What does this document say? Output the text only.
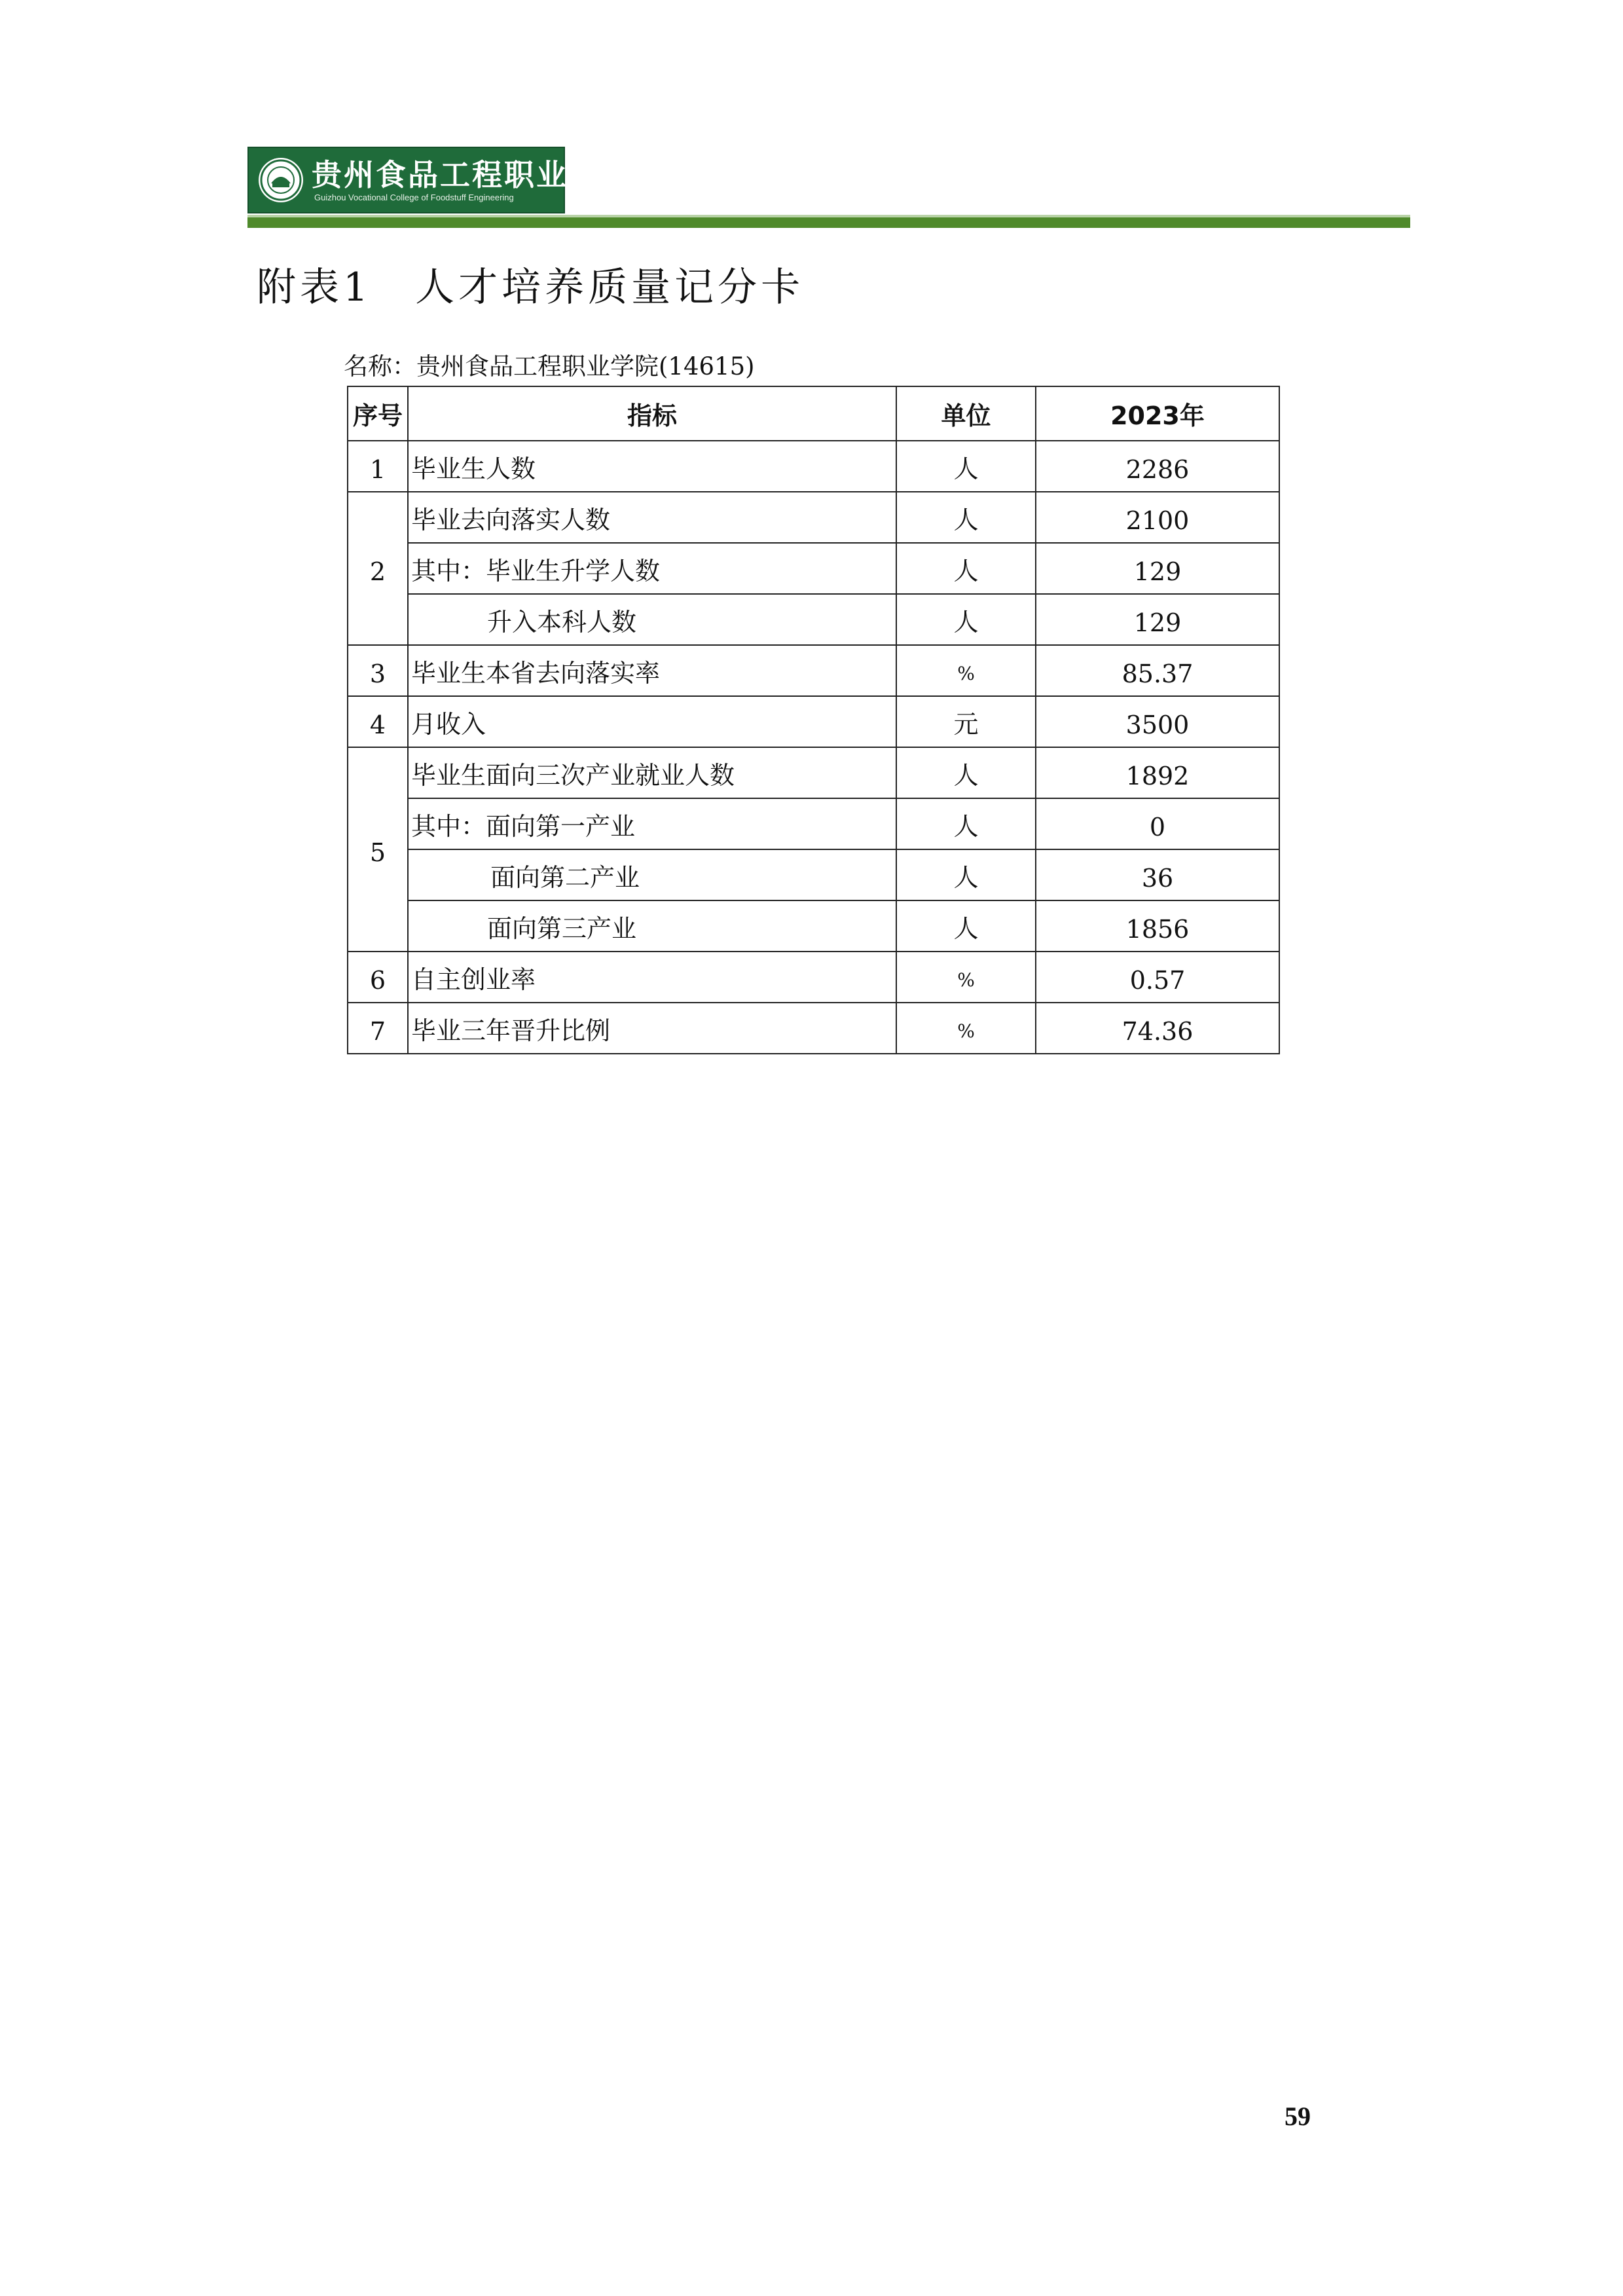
贵州食品工程职业学院
Guizhou Vocational College of Foodstuff Engineering
附表1　人才培养质量记分卡
名称：贵州食品工程职业学院(14615)
序号	指标	单位	2023年
1	毕业生人数	人	2286
2	毕业去向落实人数	人	2100
	其中：毕业生升学人数	人	129
	升入本科人数	人	129
3	毕业生本省去向落实率	%	85.37
4	月收入	元	3500
5	毕业生面向三次产业就业人数	人	1892
	其中：面向第一产业	人	0
	面向第二产业	人	36
	面向第三产业	人	1856
6	自主创业率	%	0.57
7	毕业三年晋升比例	%	74.36
59
